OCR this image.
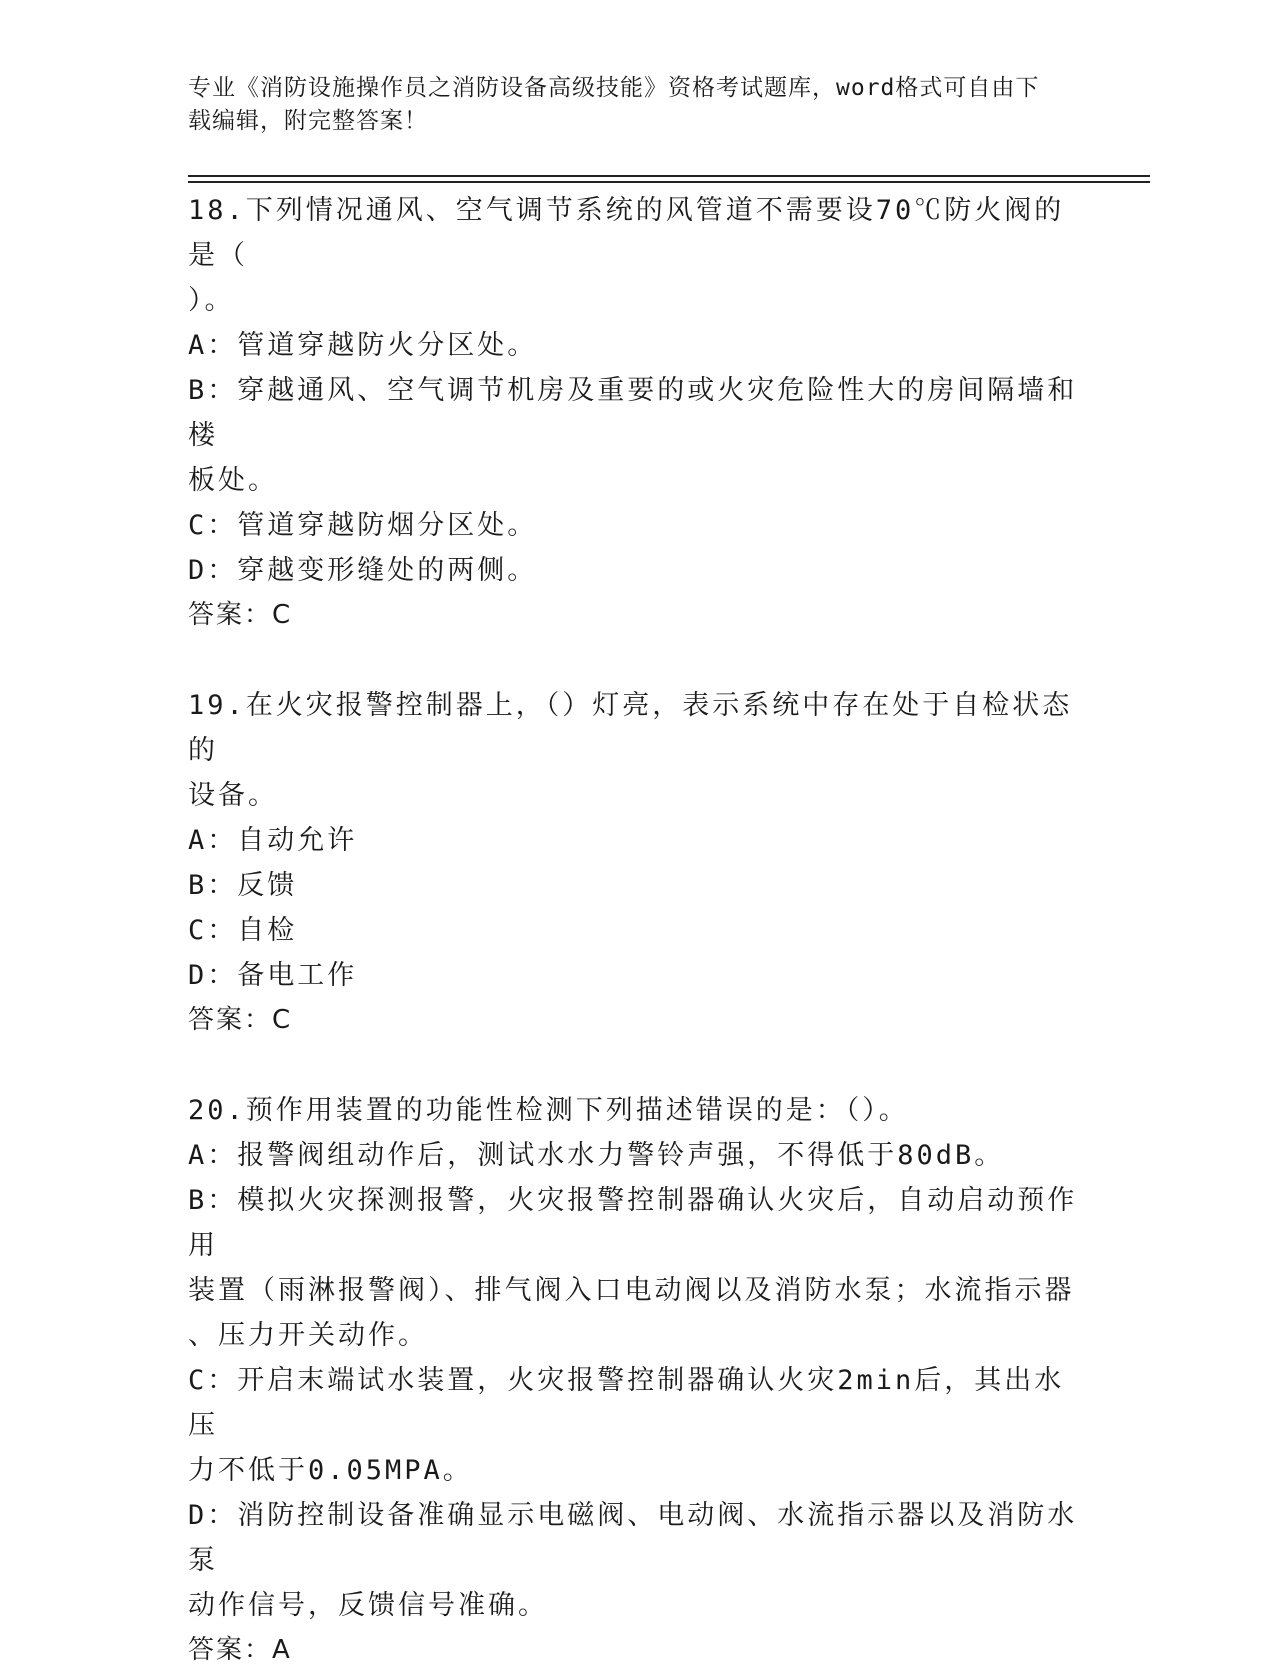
专业《消防设施操作员之消防设备高级技能》资格考试题库，word格式可自由下
载编辑，附完整答案！
18.下列情况通风、空气调节系统的风管道不需要设70℃防火阀的是（
）。
A：管道穿越防火分区处。
B：穿越通风、空气调节机房及重要的或火灾危险性大的房间隔墙和楼
板处。
C：管道穿越防烟分区处。
D：穿越变形缝处的两侧。
答案：C
19.在火灾报警控制器上，（）灯亮，表示系统中存在处于自检状态的
设备。
A：自动允许
B：反馈
C：自检
D：备电工作
答案：C
20.预作用装置的功能性检测下列描述错误的是：（）。
A：报警阀组动作后，测试水水力警铃声强，不得低于80dB。
B：模拟火灾探测报警，火灾报警控制器确认火灾后，自动启动预作用
装置（雨淋报警阀）、排气阀入口电动阀以及消防水泵；水流指示器
、压力开关动作。
C：开启末端试水装置，火灾报警控制器确认火灾2min后，其出水压
力不低于0.05MPA。
D：消防控制设备准确显示电磁阀、电动阀、水流指示器以及消防水泵
动作信号，反馈信号准确。
答案：A
